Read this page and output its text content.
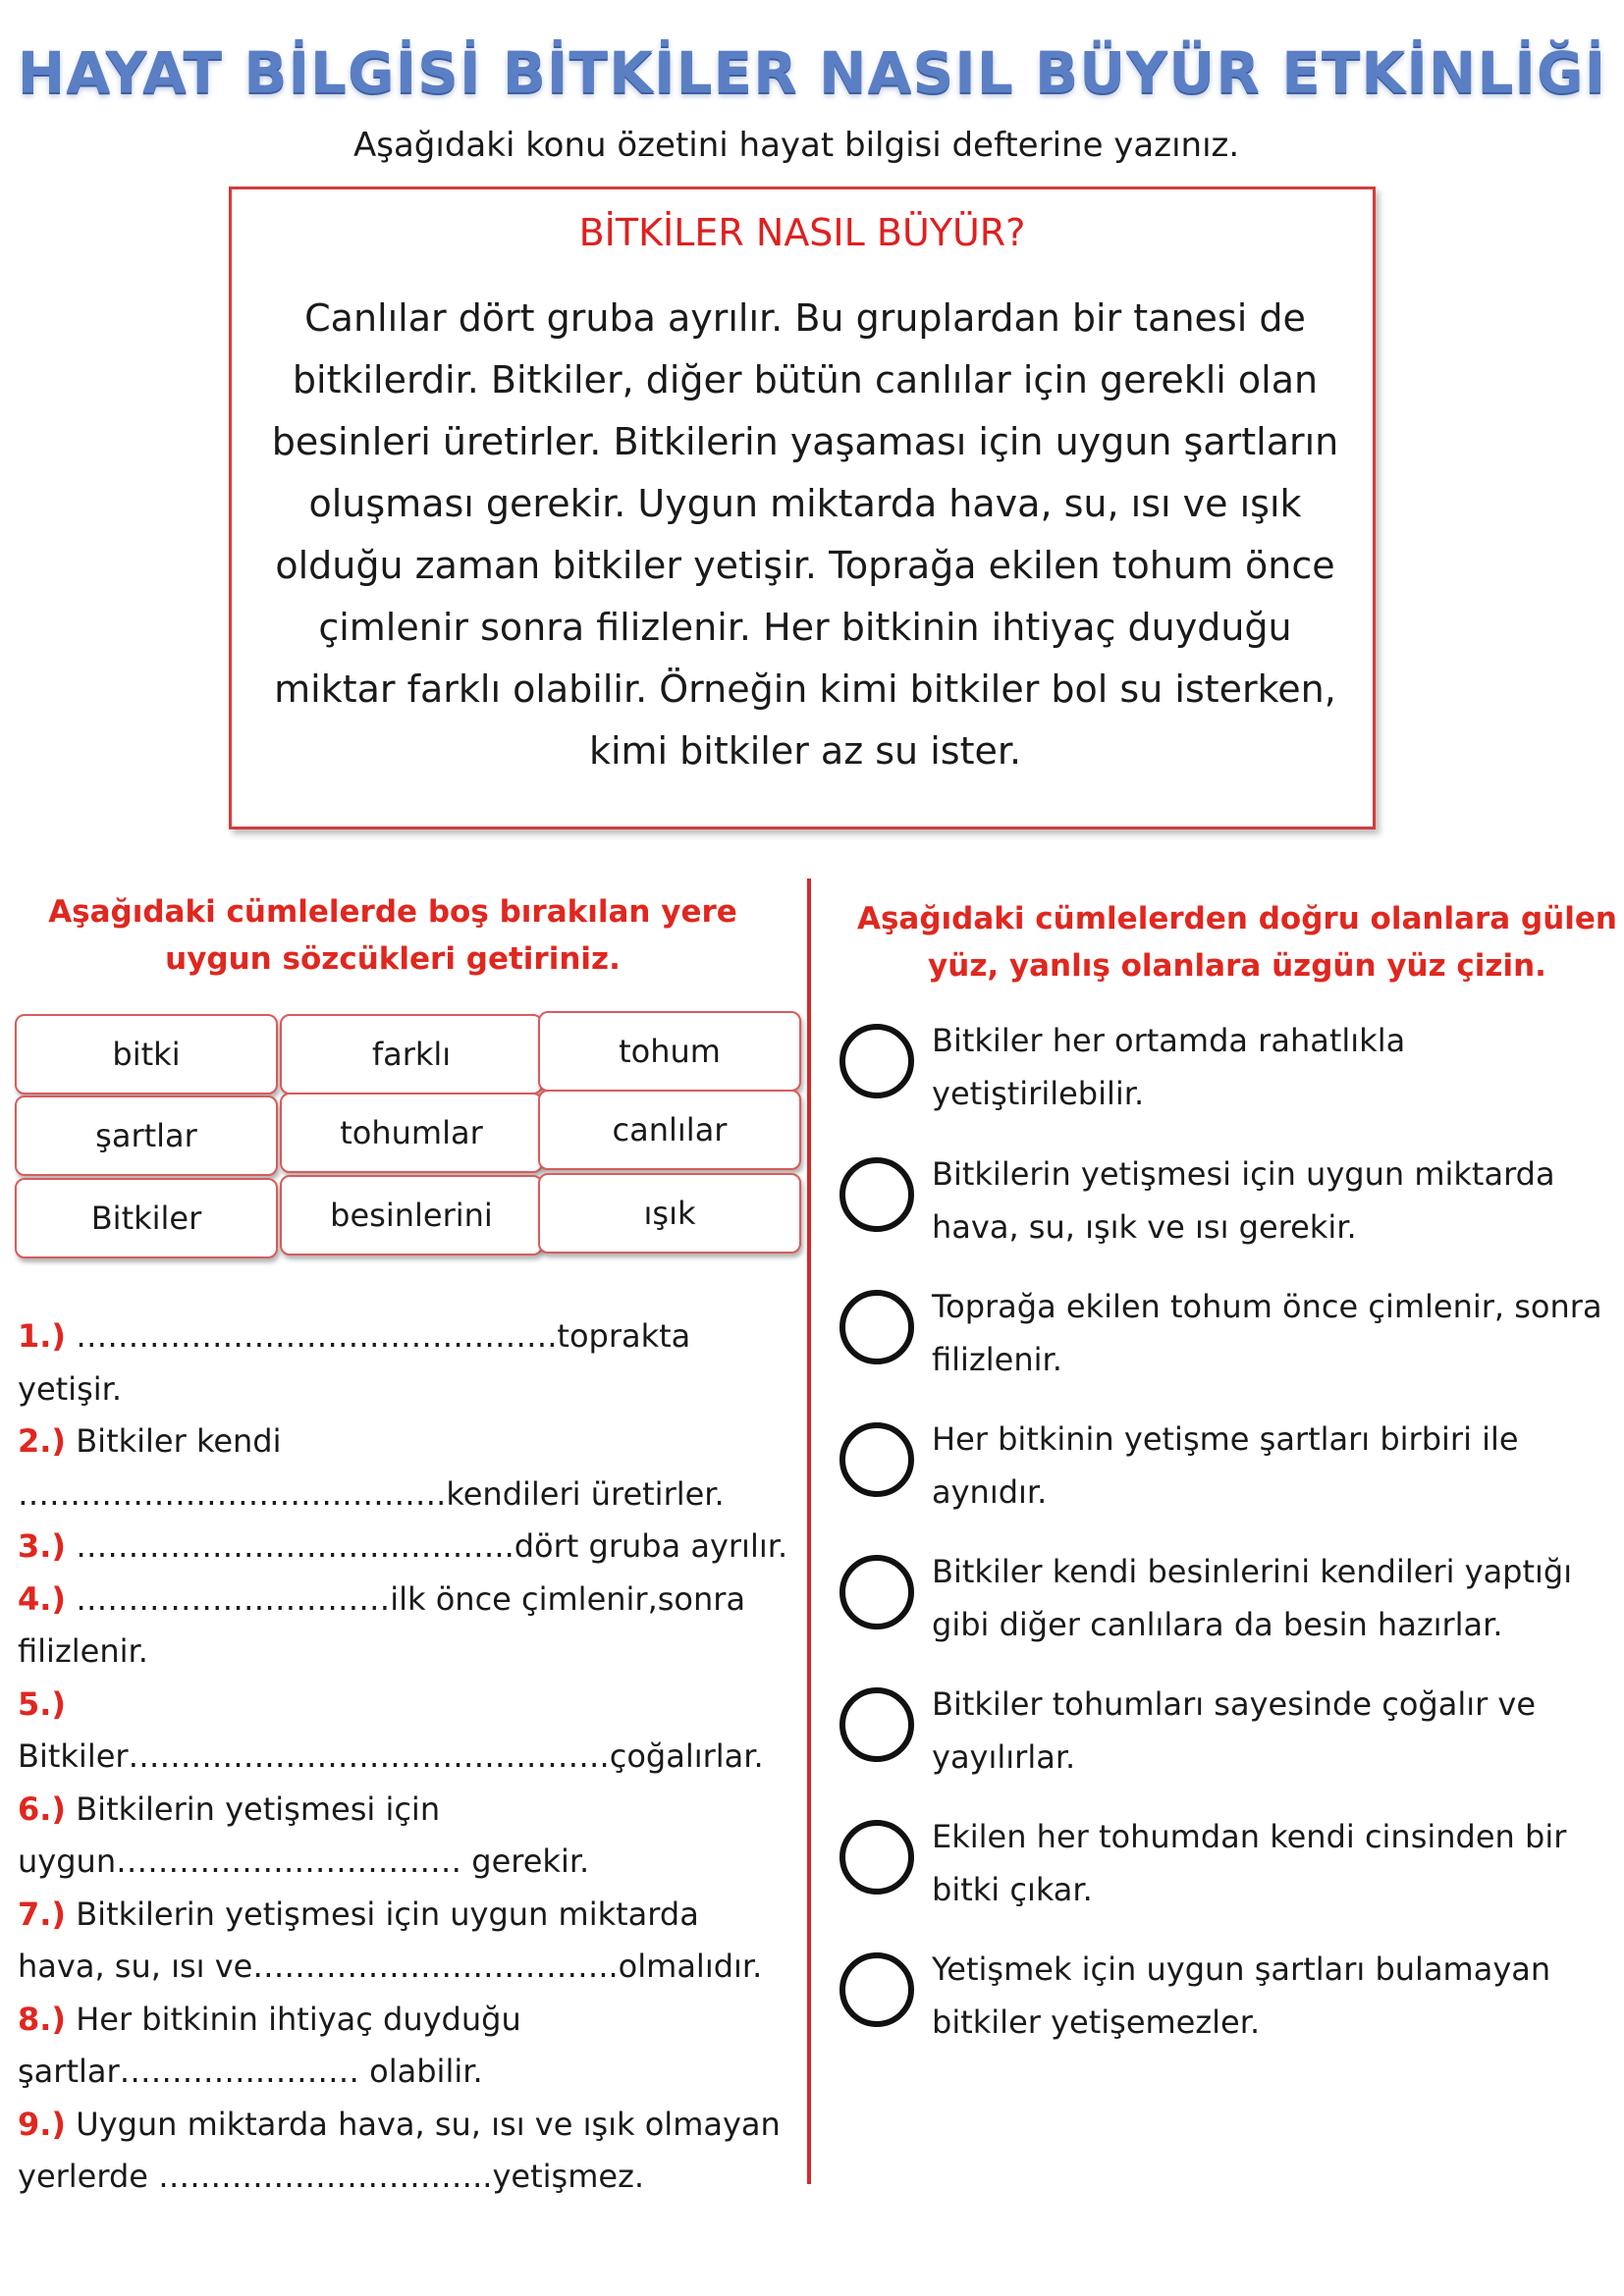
HAYAT BİLGİSİ BİTKİLER NASIL BÜYÜR ETKİNLİĞİ
Aşağıdaki konu özetini hayat bilgisi defterine yazınız.
BİTKİLER NASIL BÜYÜR?
Canlılar dört gruba ayrılır. Bu gruplardan bir tanesi de bitkilerdir. Bitkiler, diğer bütün canlılar için gerekli olan besinleri üretirler. Bitkilerin yaşaması için uygun şartların oluşması gerekir. Uygun miktarda hava, su, ısı ve ışık olduğu zaman bitkiler yetişir. Toprağa ekilen tohum önce çimlenir sonra filizlenir. Her bitkinin ihtiyaç duyduğu miktar farklı olabilir. Örneğin kimi bitkiler bol su isterken, kimi bitkiler az su ister.
Aşağıdaki cümlelerde boş bırakılan yere uygun sözcükleri getiriniz.
bitki	farklı	tohum
şartlar	tohumlar	canlılar
Bitkiler	besinlerini	ışık
1.) ……………………………………….toprakta yetişir.
2.) Bitkiler kendi ………………………….……….kendileri üretirler.
3.) ………………………….………..dört gruba ayrılır.
4.) …………………………ilk önce çimlenir,sonra filizlenir.
5.) Bitkiler……………………………………….çoğalırlar.
6.) Bitkilerin yetişmesi için uygun…………………………… gerekir.
7.) Bitkilerin yetişmesi için uygun miktarda hava, su, ısı ve……………………………..olmalıdır.
8.) Her bitkinin ihtiyaç duyduğu şartlar…………..……… olabilir.
9.) Uygun miktarda hava, su, ısı ve ışık olmayan yerlerde …………………………..yetişmez.
Aşağıdaki cümlelerden doğru olanlara gülen yüz, yanlış olanlara üzgün yüz çizin.
Bitkiler her ortamda rahatlıkla yetiştirilebilir.
Bitkilerin yetişmesi için uygun miktarda hava, su, ışık ve ısı gerekir.
Toprağa ekilen tohum önce çimlenir, sonra filizlenir.
Her bitkinin yetişme şartları birbiri ile aynıdır.
Bitkiler kendi besinlerini kendileri yaptığı gibi diğer canlılara da besin hazırlar.
Bitkiler tohumları sayesinde çoğalır ve yayılırlar.
Ekilen her tohumdan kendi cinsinden bir bitki çıkar.
Yetişmek için uygun şartları bulamayan bitkiler yetişemezler.
